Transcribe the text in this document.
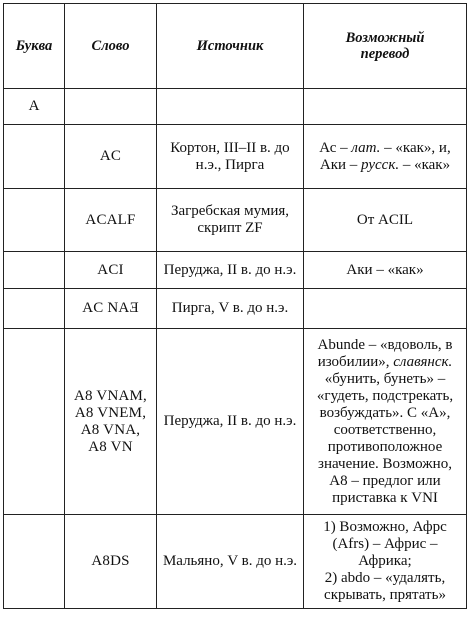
Буква	Слово	Источник	Возможный
перевод

A			
	AC	Кортон, III–II в. до н.э., Пирга	Ас – лат. – «как», и,
Аки – русск. – «как»

	ACALF	Загребская мумия, скрипт ZF	От ACIL
	ACI	Перуджа, II в. до н.э.	Аки – «как»
	AC NAƎ	Пирга, V в. до н.э.	

	A8 VNAM,
A8 VNEM,
A8 VNA,
A8 VN	Перуджа, II в. до н.э.	Abunde – «вдоволь, в изобилии», славянск. «бунить, бунеть» – «гудеть, подстрекать, возбуждать». С «А», соответственно, противоположное значение. Возможно, А8 – предлог или приставка к VNI
	A8DS	Мальяно, V в. до н.э.	1) Возможно, Афрс (Afrs) – Африс – Африка;
2) abdo – «удалять, скрывать, прятать»
